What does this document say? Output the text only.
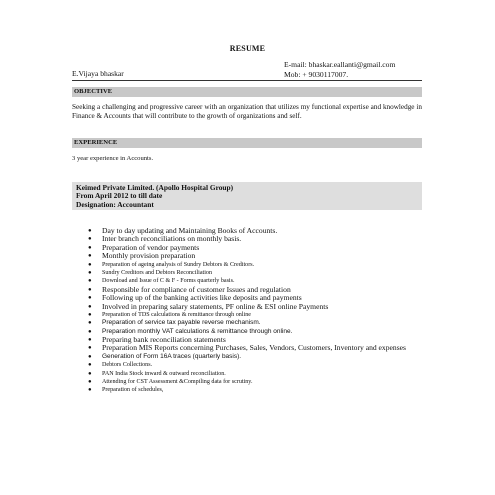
RESUME
E-mail: bhaskar.eallanti@gmail.com
Mob: + 9030117007.
E.Vijaya bhaskar
OBJECTIVE
Seeking a challenging and progressive career with an organization that utilizes my functional expertise and knowledge in Finance & Accounts that will contribute to the growth of organizations and self.
EXPERIENCE
3 year experience in Accounts.
Keimed Private Limited. (Apollo Hospital Group)
From April 2012 to till date
Designation: Accountant
● Day to day updating and Maintaining Books of Accounts.
● Inter branch reconciliations on monthly basis.
● Preparation of vendor payments
● Monthly provision preparation
● Preparation of ageing analysis of Sundry Debtors & Creditors.
● Sundry Creditors and Debtors Reconciliation
● Download and Issue of C & F - Forms quarterly basis.
● Responsible for compliance of customer Issues and regulation
● Following up of the banking activities like deposits and payments
● Involved in preparing salary statements, PF online & ESI online Payments
● Preparation of TDS calculations & remittance through online
● Preparation of service tax payable reverse mechanism.
● Preparation monthly VAT calculations & remittance through online.
● Preparing bank reconciliation statements
● Preparation MIS Reports concerning Purchases, Sales, Vendors, Customers, Inventory and expenses
● Generation of Form 16A traces (quarterly basis).
● Debtors Collections.
● PAN India Stock inward & outward reconciliation.
● Attending for CST Assessment &Compiling data for scrutiny.
● Preparation of schedules,
